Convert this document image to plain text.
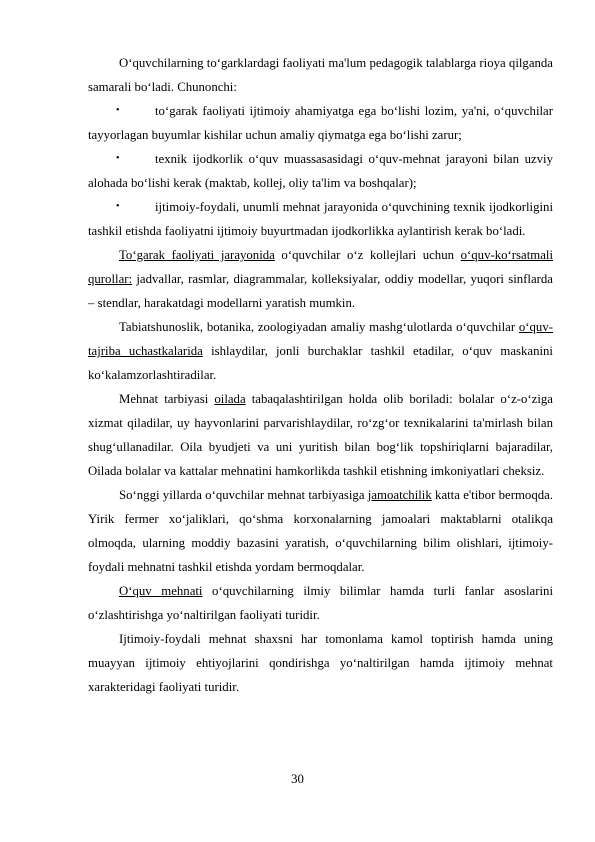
O‘quvchilarning to‘garklardagi faoliyati ma'lum pedagogik talablarga rioya qilganda samarali bo‘ladi. Chunonchi:

•	to‘garak faoliyati ijtimoiy ahamiyatga ega bo‘lishi lozim, ya'ni, o‘quvchilar tayyorlagan buyumlar kishilar uchun amaliy qiymatga ega bo‘lishi zarur;

•	texnik ijodkorlik o‘quv muassasasidagi o‘quv-mehnat jarayoni bilan uzviy alohada bo‘lishi kerak (maktab, kollej, oliy ta'lim va boshqalar);

•	ijtimoiy-foydali, unumli mehnat jarayonida o‘quvchining texnik ijodkorligini tashkil etishda faoliyatni ijtimoiy buyurtmadan ijodkorlikka aylantirish kerak bo‘ladi.

To‘garak faoliyati jarayonida o‘quvchilar o‘z kollejlari uchun o‘quv-ko‘rsatmali qurollar: jadvallar, rasmlar, diagrammalar, kolleksiyalar, oddiy modellar, yuqori sinflarda – stendlar, harakatdagi modellarni yaratish mumkin.

Tabiatshunoslik, botanika, zoologiyadan amaliy mashg‘ulotlarda o‘quvchilar o‘quv-tajriba uchastkalarida ishlaydilar, jonli burchaklar tashkil etadilar, o‘quv maskanini ko‘kalamzorlashtiradilar.

Mehnat tarbiyasi oilada tabaqalashtirilgan holda olib boriladi: bolalar o‘z-o‘ziga xizmat qiladilar, uy hayvonlarini parvarishlaydilar, ro‘zg‘or texnikalarini ta'mirlash bilan shug‘ullanadilar. Oila byudjeti va uni yuritish bilan bog‘lik topshiriqlarni bajaradilar, Oilada bolalar va kattalar mehnatini hamkorlikda tashkil etishning imkoniyatlari cheksiz.

So‘nggi yillarda o‘quvchilar mehnat tarbiyasiga jamoatchilik katta e'tibor bermoqda. Yirik fermer xo‘jaliklari, qo‘shma korxonalarning jamoalari maktablarni otalikqa olmoqda, ularning moddiy bazasini yaratish, o‘quvchilarning bilim olishlari, ijtimoiy-foydali mehnatni tashkil etishda yordam bermoqdalar.

O‘quv mehnati o‘quvchilarning ilmiy bilimlar hamda turli fanlar asoslarini o‘zlashtirishga yo‘naltirilgan faoliyati turidir.

Ijtimoiy-foydali mehnat shaxsni har tomonlama kamol toptirish hamda uning muayyan ijtimoiy ehtiyojlarini qondirishga yo‘naltirilgan hamda ijtimoiy mehnat xarakteridagi faoliyati turidir.

30
